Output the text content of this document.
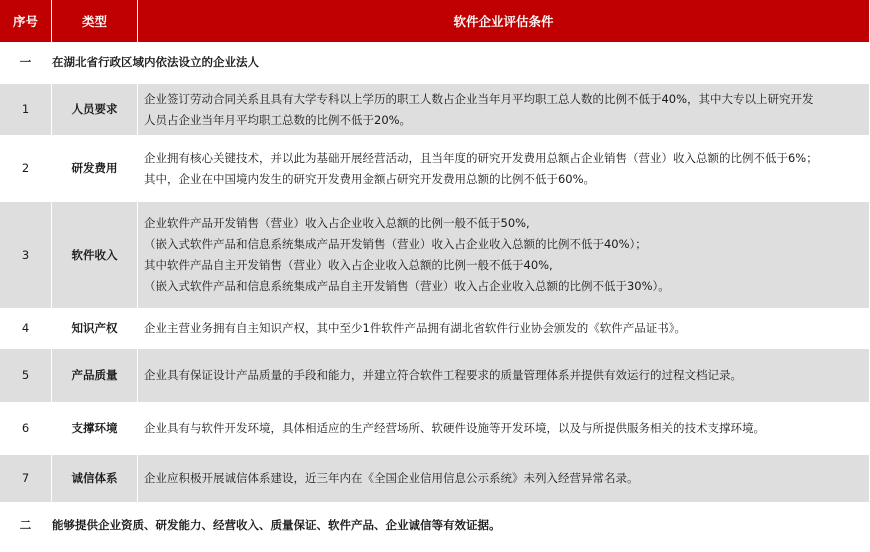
序号	类型	软件企业评估条件
一	在湖北省行政区域内依法设立的企业法人	
1	人员要求	企业签订劳动合同关系且具有大学专科以上学历的职工人数占企业当年月平均职工总人数的比例不低于40%，其中大专以上研究开发
人员占企业当年月平均职工总数的比例不低于20%。

2	研发费用	企业拥有核心关键技术，并以此为基础开展经营活动，且当年度的研究开发费用总额占企业销售（营业）收入总额的比例不低于6%；
其中，企业在中国境内发生的研究开发费用金额占研究开发费用总额的比例不低于60%。

3	软件收入	企业软件产品开发销售（营业）收入占企业收入总额的比例一般不低于50%,
（嵌入式软件产品和信息系统集成产品开发销售（营业）收入占企业收入总额的比例不低于40%）；
其中软件产品自主开发销售（营业）收入占企业收入总额的比例一般不低于40%,
（嵌入式软件产品和信息系统集成产品自主开发销售（营业）收入占企业收入总额的比例不低于30%）。

4	知识产权	企业主营业务拥有自主知识产权，其中至少1件软件产品拥有湖北省软件行业协会颁发的《软件产品证书》。

5	产品质量	企业具有保证设计产品质量的手段和能力，并建立符合软件工程要求的质量管理体系并提供有效运行的过程文档记录。

6	支撑环境	企业具有与软件开发环境，具体相适应的生产经营场所、软硬件设施等开发环境，以及与所提供服务相关的技术支撑环境。

7	诚信体系	企业应积极开展诚信体系建设，近三年内在《全国企业信用信息公示系统》未列入经营异常名录。

二	能够提供企业资质、研发能力、经营收入、质量保证、软件产品、企业诚信等有效证据。	
